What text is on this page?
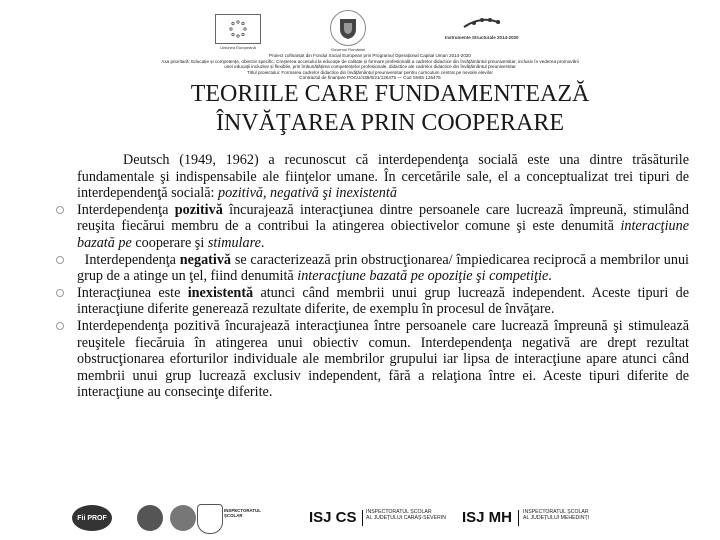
Uniunea Europeană	Guvernul României
Instrumente Structurale 2014-2020
Proiect cofinanțat din Fondul Social European prin Programul Operațional Capital Uman 2014-2020
Axa prioritară: Educație și competențe, obiectiv specific: Creșterea accesului la educație de calitate și formare profesională a cadrelor didactice din învățământul preuniversitar, inclusiv în vederea promovării
unei educații incluzive și flexibile, prin îmbunătățirea competențelor profesionale, didactice ale cadrelor didactice din învățământul preuniversitar
Titlul proiectului: Formarea cadrelor didactice din învățământul preuniversitar pentru curriculum centrat pe nevoile elevilor
Contractul de finanțare POCU/438/6/21/126475 — Cod SMIS 126475
TEORIILE CARE FUNDAMENTEAZĂ
ÎNVĂŢAREA PRIN COOPERARE
Deutsch (1949, 1962) a recunoscut că interdependenţa socială este una dintre trăsăturile fundamentale şi indispensabile ale fiinţelor umane. În cercetările sale, el a conceptualizat trei tipuri de interdependenţă socială: pozitivă, negativă şi inexistentă
Interdependenţa pozitivă încurajează interacţiunea dintre persoanele care lucrează împreună, stimulând reuşita fiecărui membru de a contribui la atingerea obiectivelor comune şi este denumită interacţiune bazată pe cooperare şi stimulare.
Interdependenţa negativă se caracterizează prin obstrucţionarea/ împiedicarea reciprocă a membrilor unui grup de a atinge un ţel, fiind denumită interacţiune bazată pe opoziţie şi competiţie.
Interacţiunea este inexistentă atunci când membrii unui grup lucrează independent. Aceste tipuri de interacţiune diferite generează rezultate diferite, de exemplu în procesul de învăţare.
Interdependenţa pozitivă încurajează interacţiunea între persoanele care lucrează împreună şi stimulează reuşitele fiecăruia în atingerea unui obiectiv comun. Interdependenţa negativă are drept rezultat obstrucţionarea eforturilor individuale ale membrilor grupului iar lipsa de interacţiune apare atunci când membrii unui grup lucrează exclusiv independent, fără a relaţiona între ei. Aceste tipuri diferite de interacţiune au consecinţe diferite.
Fii PROF
INSPECTORATUL
ȘCOLAR	ISJ CS INSPECTORATUL ȘCOLAR
AL JUDEȚULUI CARAȘ-SEVERIN ISJ MH INSPECTORATUL ȘCOLAR
AL JUDEȚULUI MEHEDINȚI
